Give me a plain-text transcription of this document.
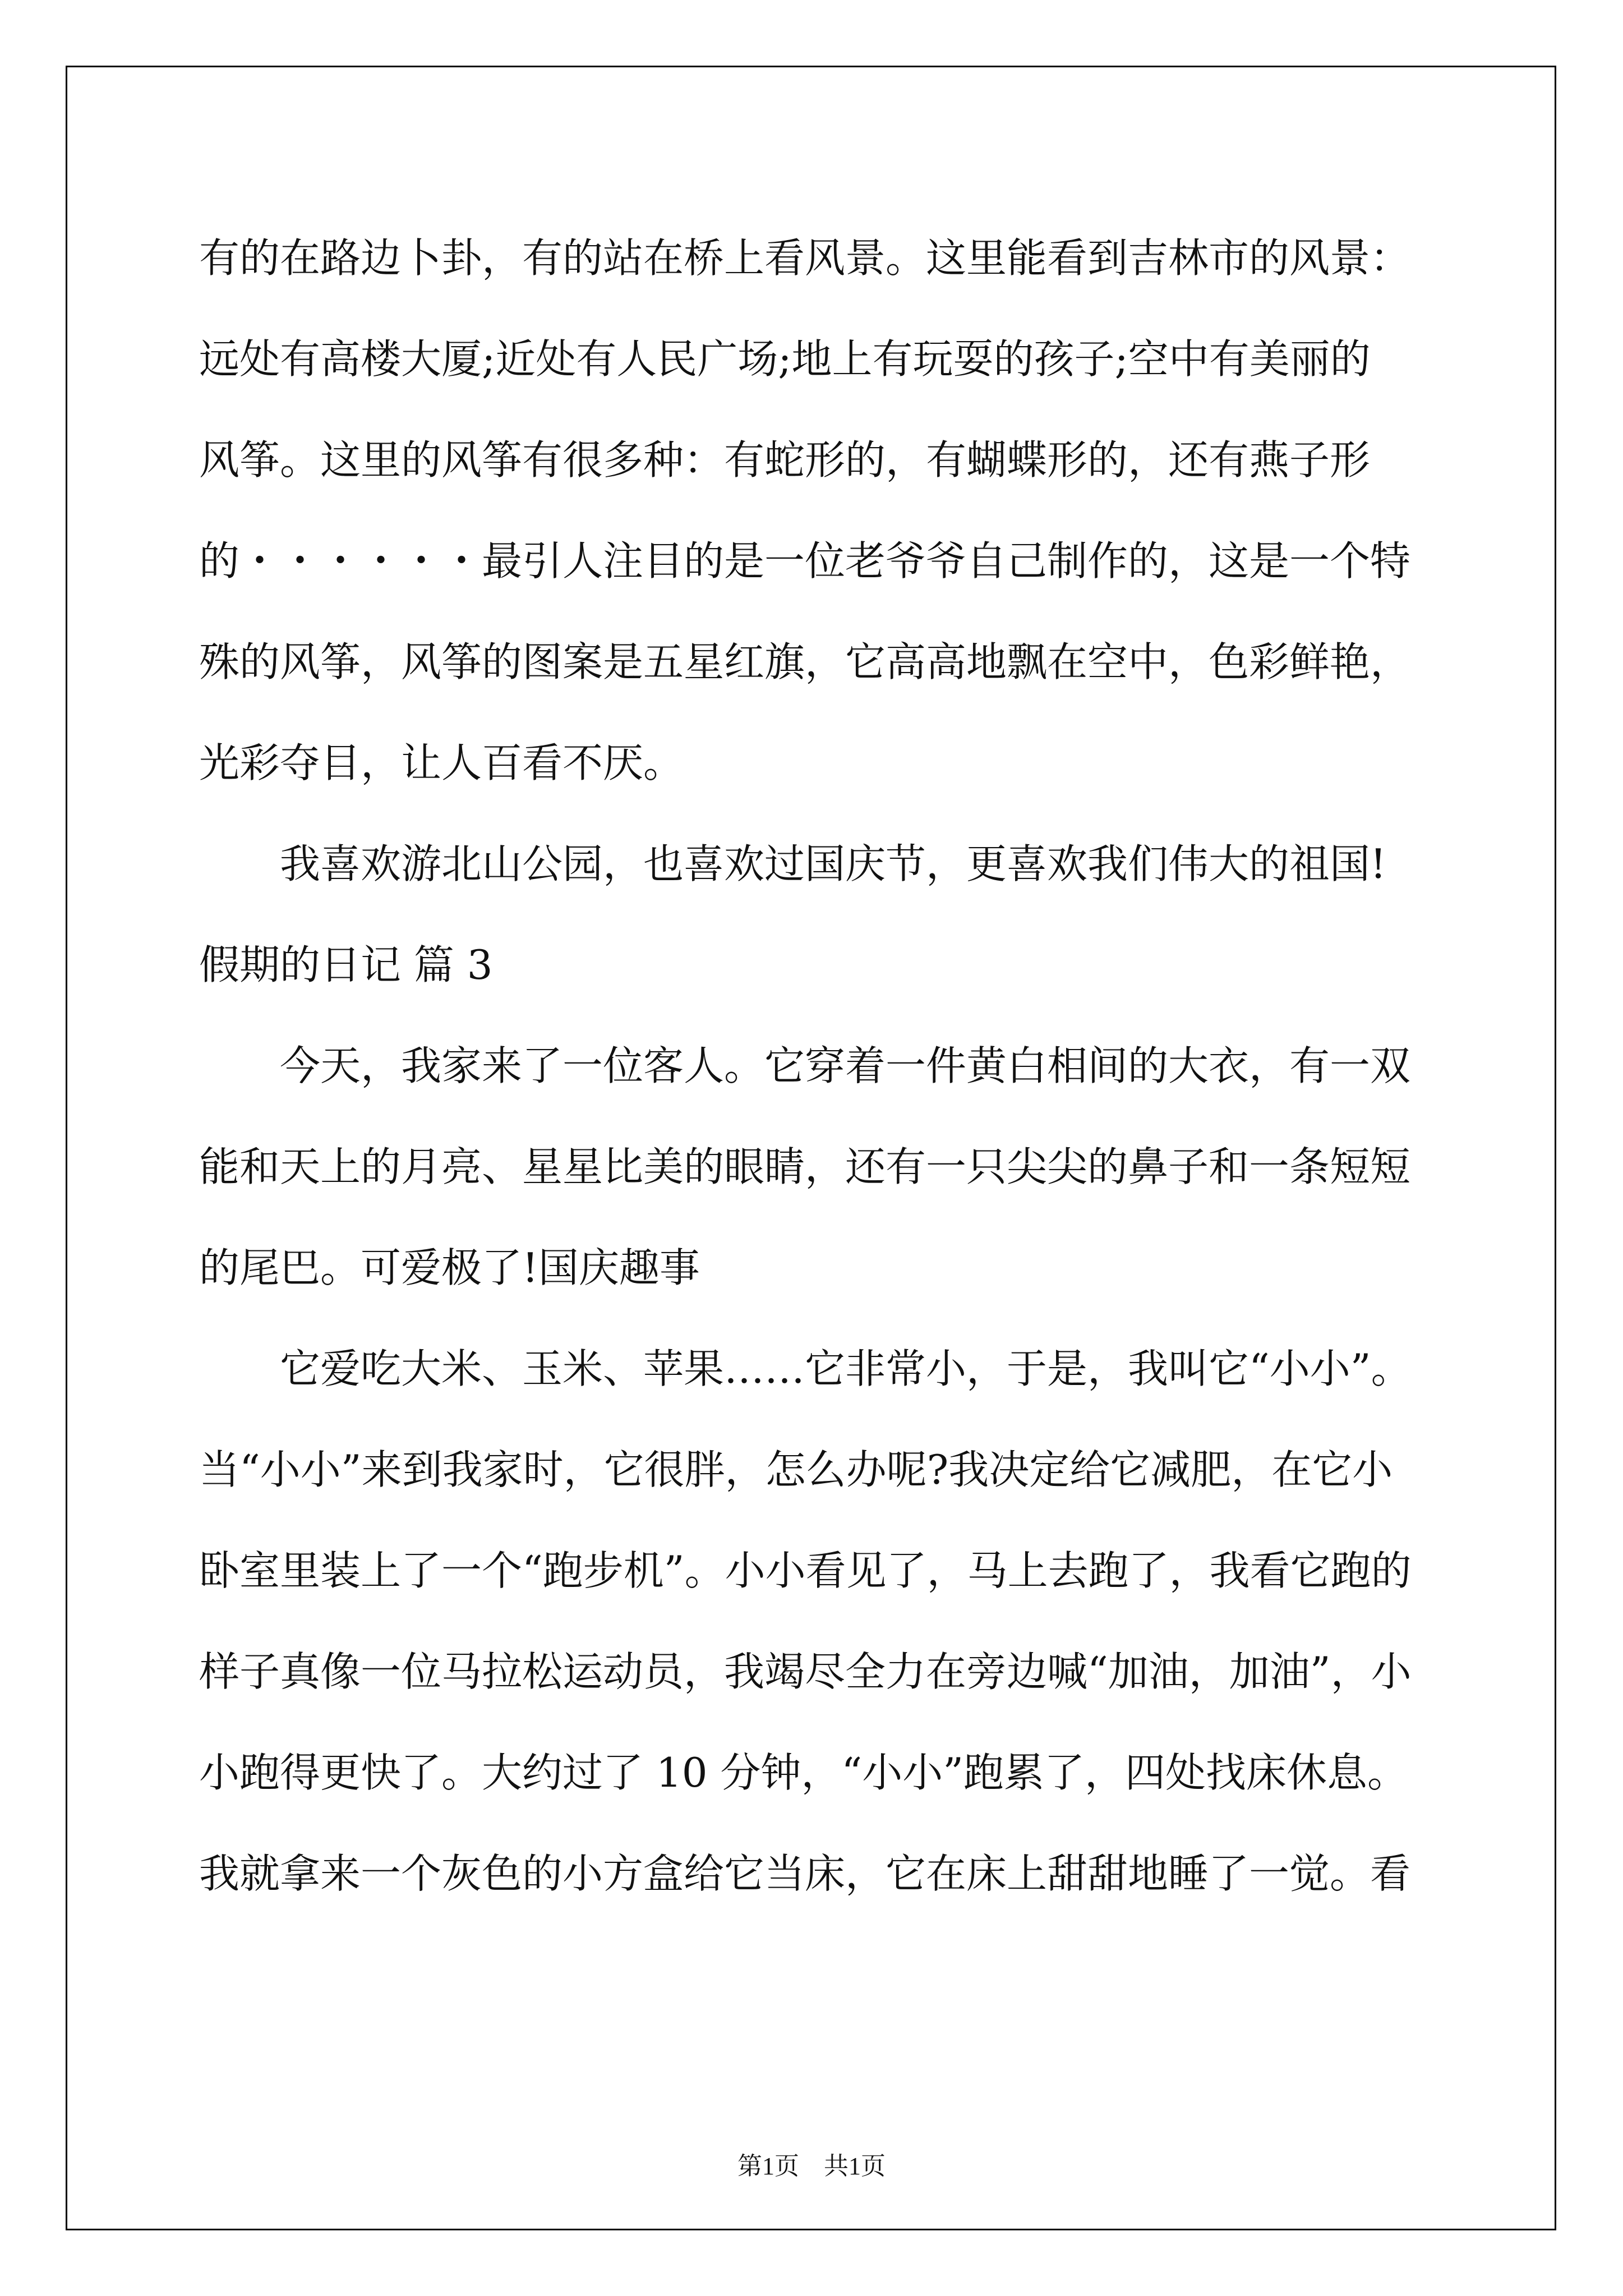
有的在路边卜卦，有的站在桥上看风景。这里能看到吉林市的风景：

远处有高楼大厦;近处有人民广场;地上有玩耍的孩子;空中有美丽的

风筝。这里的风筝有很多种：有蛇形的，有蝴蝶形的，还有燕子形

的・・・・・・最引人注目的是一位老爷爷自己制作的，这是一个特

殊的风筝，风筝的图案是五星红旗，它高高地飘在空中，色彩鲜艳，

光彩夺目，让人百看不厌。

我喜欢游北山公园，也喜欢过国庆节，更喜欢我们伟大的祖国!

假期的日记 篇 3

今天，我家来了一位客人。它穿着一件黄白相间的大衣，有一双

能和天上的月亮、星星比美的眼睛，还有一只尖尖的鼻子和一条短短

的尾巴。可爱极了!国庆趣事

它爱吃大米、玉米、苹果……它非常小，于是，我叫它“小小”。

当“小小”来到我家时，它很胖，怎么办呢?我决定给它减肥，在它小

卧室里装上了一个“跑步机”。小小看见了，马上去跑了，我看它跑的

样子真像一位马拉松运动员，我竭尽全力在旁边喊“加油，加油”，小

小跑得更快了。大约过了 10 分钟，“小小”跑累了，四处找床休息。

我就拿来一个灰色的小方盒给它当床，它在床上甜甜地睡了一觉。看

第1页　共1页
